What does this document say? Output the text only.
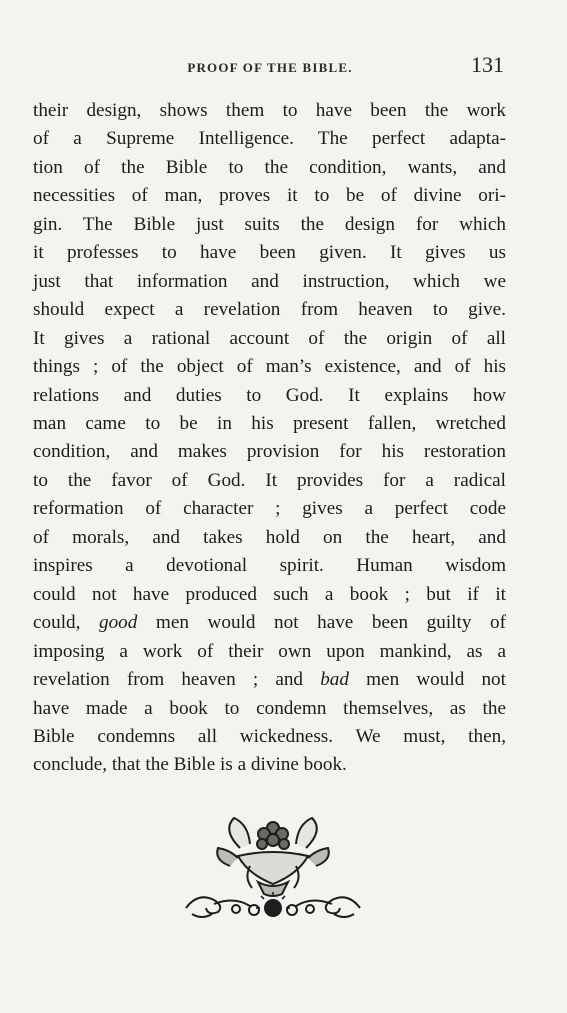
PROOF OF THE BIBLE.	131
their design, shows them to have been the work
of a Supreme Intelligence. The perfect adapta-
tion of the Bible to the condition, wants, and
necessities of man, proves it to be of divine ori-
gin. The Bible just suits the design for which
it professes to have been given. It gives us
just that information and instruction, which we
should expect a revelation from heaven to give.
It gives a rational account of the origin of all
things ; of the object of man’s existence, and of his
relations and duties to God. It explains how
man came to be in his present fallen, wretched
condition, and makes provision for his restoration
to the favor of God. It provides for a radical
reformation of character ; gives a perfect code
of morals, and takes hold on the heart, and
inspires a devotional spirit. Human wisdom
could not have produced such a book ; but if it
could, good men would not have been guilty of
imposing a work of their own upon mankind, as a
revelation from heaven ; and bad men would not
have made a book to condemn themselves, as the
Bible condemns all wickedness. We must, then,
conclude, that the Bible is a divine book.
